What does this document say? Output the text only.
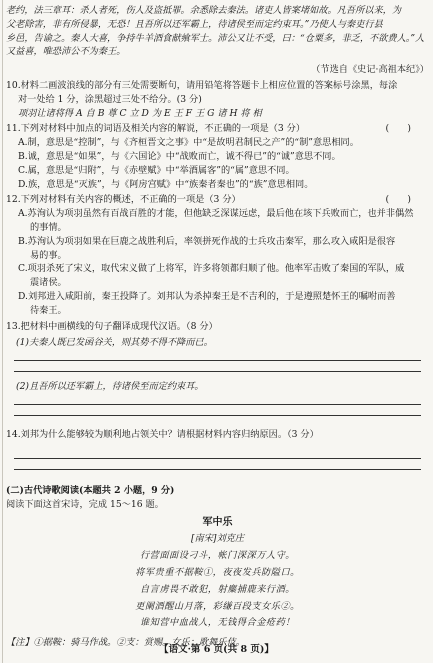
老约，法三章耳：杀人者死，伤人及盗抵罪。余悉除去秦法。诸吏人皆案堵如故。凡吾所以来，为

父老除害，非有所侵暴，无恐！且吾所以还军霸上，待诸侯至而定约束耳。”乃使人与秦吏行县

乡邑，告谕之。秦人大喜，争持牛羊酒食献飨军士。沛公又让不受，曰：“仓粟多，非乏，不欲费人。”人

又益喜，唯恐沛公不为秦王。

（节选自《史记·高祖本纪》）

10.材料二画波浪线的部分有三处需要断句，请用铅笔将答题卡上相应位置的答案标号涂黑，每涂

对一处给 1 分，涂黑超过三处不给分。(3 分)

项羽让诸将得 A 自 B 尊 C 立 D 为 E 王 F 王 G 诸 H 将 相

11.下列对材料中加点的词语及相关内容的解说，不正确的一项是（3 分）	(　　)

A.制，意思是“控制”，与《齐桓晋文之事》中“是故明君制民之产”的“制”意思相同。

B.诚，意思是“如果”，与《六国论》中“战败而亡，诚不得已”的“诚”意思不同。

C.属，意思是“归附”，与《赤壁赋》中“举酒属客”的“属”意思不同。

D.族，意思是“灭族”，与《阿房宫赋》中“族秦者秦也”的“族”意思相同。

12.下列对材料有关内容的概述，不正确的一项是（3 分）	(　　)

A.苏洵认为项羽虽然有百战百胜的才能，但他缺乏深谋远虑，最后他在垓下兵败而亡，也并非偶然

的事情。

B.苏洵认为项羽如果在巨鹿之战胜利后，率领拼死作战的士兵攻击秦军，那么攻入咸阳是很容

易的事。

C.项羽杀死了宋义，取代宋义做了上将军，许多将领都归顺了他。他率军击败了秦国的军队，威

震诸侯。

D.刘邦进入咸阳前，秦王投降了。刘邦认为杀掉秦王是不吉利的，于是遵照楚怀王的嘱咐而善

待秦王。

13.把材料中画横线的句子翻译成现代汉语。（8 分）

(1)夫秦人既已发函谷关，则其势不得不降而已。

(2)且吾所以还军霸上，待诸侯至而定约束耳。

14.刘邦为什么能够较为顺利地占领关中？请根据材料内容归纳原因。（3 分）

(二)古代诗歌阅读(本题共 2 小题，9 分)

阅读下面这首宋诗，完成 15～16 题。

军中乐

[南宋]刘克庄

行营面面设刁斗，帐门深深万人守。

将军贵重不据鞍①，夜夜发兵防隘口。

自言虏畏不敢犯，射麋捕鹿来行酒。

更阑酒醒山月落，彩缣百段支女乐②。

谁知营中血战人，无钱得合金疮药！

【注】①据鞍：骑马作战。②支：赏赐。女乐：歌舞乐伎。

【语文·第 6 页(共 8 页)】
